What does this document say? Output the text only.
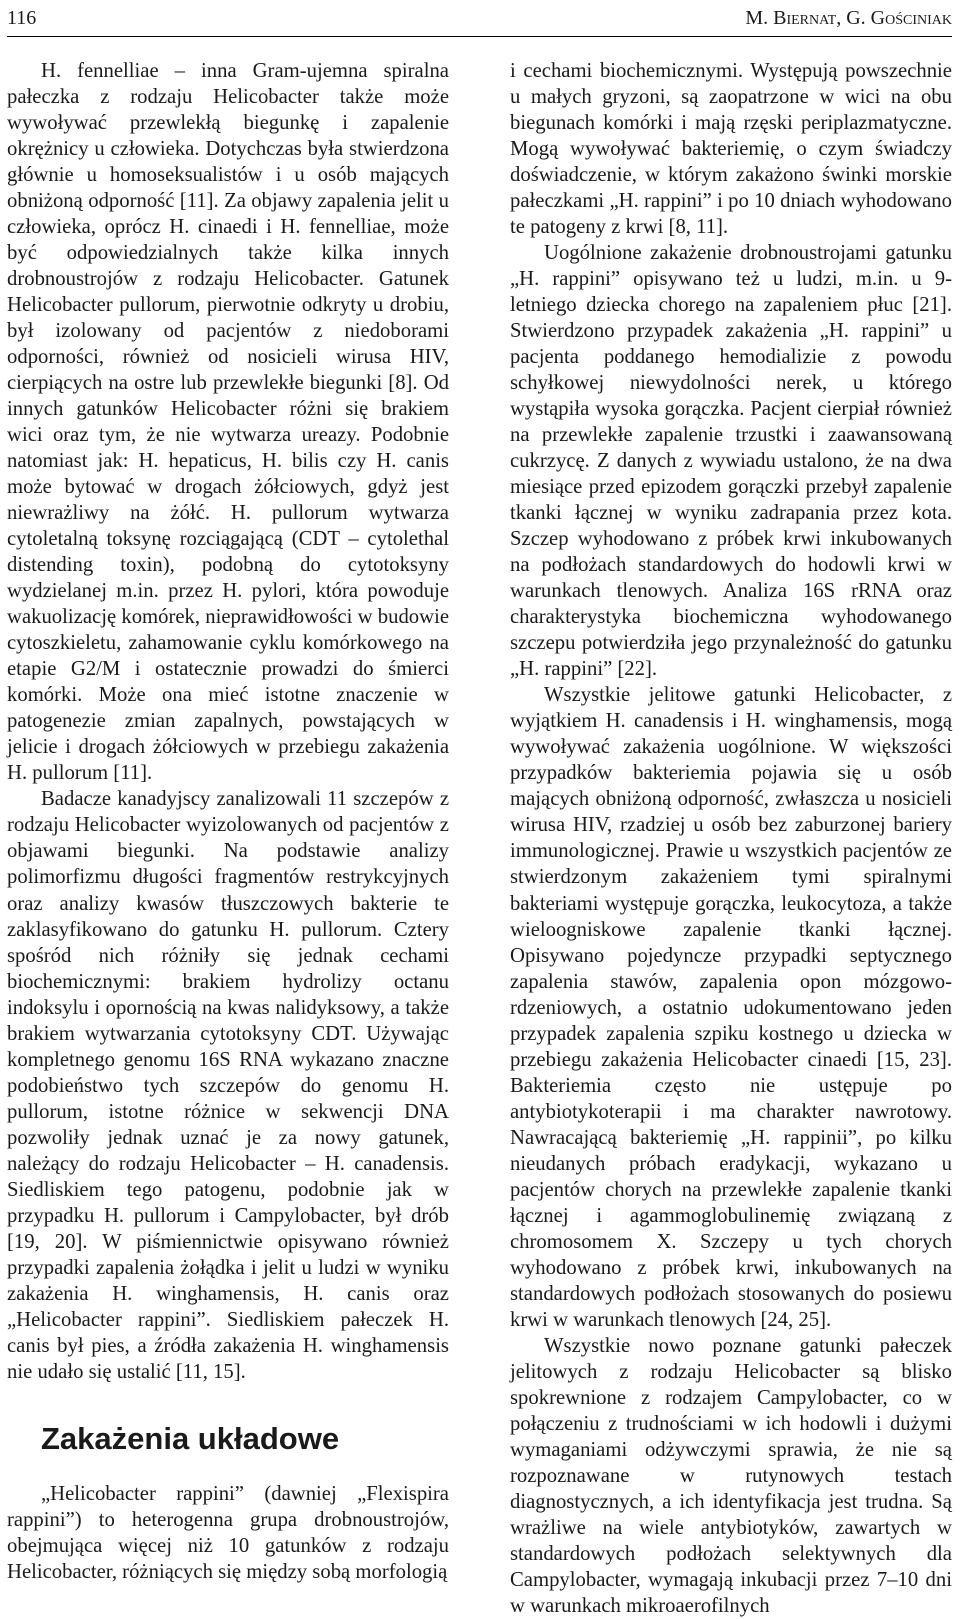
116	M. Biernat, G. Gościniak

H. fennelliae – inna Gram-ujemna spiralna pałeczka z rodzaju Helicobacter także może wywoływać przewlekłą biegunkę i zapalenie okrężnicy u człowieka. Dotychczas była stwierdzona głównie u homoseksualistów i u osób mających obniżoną odporność [11]. Za objawy zapalenia jelit u człowieka, oprócz H. cinaedi i H. fennelliae, może być odpowiedzialnych także kilka innych drobnoustrojów z rodzaju Helicobacter. Gatunek Helicobacter pullorum, pierwotnie odkryty u drobiu, był izolowany od pacjentów z niedoborami odporności, również od nosicieli wirusa HIV, cierpiących na ostre lub przewlekłe biegunki [8]. Od innych gatunków Helicobacter różni się brakiem wici oraz tym, że nie wytwarza ureazy. Podobnie natomiast jak: H. hepaticus, H. bilis czy H. canis może bytować w drogach żółciowych, gdyż jest niewrażliwy na żółć. H. pullorum wytwarza cytoletalną toksynę rozciągającą (CDT – cytolethal distending toxin), podobną do cytotoksyny wydzielanej m.in. przez H. pylori, która powoduje wakuolizację komórek, nieprawidłowości w budowie cytoszkieletu, zahamowanie cyklu komórkowego na etapie G2/M i ostatecznie prowadzi do śmierci komórki. Może ona mieć istotne znaczenie w patogenezie zmian zapalnych, powstających w jelicie i drogach żółciowych w przebiegu zakażenia H. pullorum [11].

Badacze kanadyjscy zanalizowali 11 szczepów z rodzaju Helicobacter wyizolowanych od pacjentów z objawami biegunki. Na podstawie analizy polimorfizmu długości fragmentów restrykcyjnych oraz analizy kwasów tłuszczowych bakterie te zaklasyfikowano do gatunku H. pullorum. Cztery spośród nich różniły się jednak cechami biochemicznymi: brakiem hydrolizy octanu indoksylu i opornością na kwas nalidyksowy, a także brakiem wytwarzania cytotoksyny CDT. Używając kompletnego genomu 16S RNA wykazano znaczne podobieństwo tych szczepów do genomu H. pullorum, istotne różnice w sekwencji DNA pozwoliły jednak uznać je za nowy gatunek, należący do rodzaju Helicobacter – H. canadensis. Siedliskiem tego patogenu, podobnie jak w przypadku H. pullorum i Campylobacter, był drób [19, 20]. W piśmiennictwie opisywano również przypadki zapalenia żołądka i jelit u ludzi w wyniku zakażenia H. winghamensis, H. canis oraz „Helicobacter rappini”. Siedliskiem pałeczek H. canis był pies, a źródła zakażenia H. winghamensis nie udało się ustalić [11, 15].

Zakażenia układowe

„Helicobacter rappini” (dawniej „Flexispira rappini”) to heterogenna grupa drobnoustrojów, obejmująca więcej niż 10 gatunków z rodzaju Helicobacter, różniących się między sobą morfologią

i cechami biochemicznymi. Występują powszechnie u małych gryzoni, są zaopatrzone w wici na obu biegunach komórki i mają rzęski periplazmatyczne. Mogą wywoływać bakteriemię, o czym świadczy doświadczenie, w którym zakażono świnki morskie pałeczkami „H. rappini” i po 10 dniach wyhodowano te patogeny z krwi [8, 11].

Uogólnione zakażenie drobnoustrojami gatunku „H. rappini” opisywano też u ludzi, m.in. u 9-letniego dziecka chorego na zapaleniem płuc [21]. Stwierdzono przypadek zakażenia „H. rappini” u pacjenta poddanego hemodializie z powodu schyłkowej niewydolności nerek, u którego wystąpiła wysoka gorączka. Pacjent cierpiał również na przewlekłe zapalenie trzustki i zaawansowaną cukrzycę. Z danych z wywiadu ustalono, że na dwa miesiące przed epizodem gorączki przebył zapalenie tkanki łącznej w wyniku zadrapania przez kota. Szczep wyhodowano z próbek krwi inkubowanych na podłożach standardowych do hodowli krwi w warunkach tlenowych. Analiza 16S rRNA oraz charakterystyka biochemiczna wyhodowanego szczepu potwierdziła jego przynależność do gatunku „H. rappini” [22].

Wszystkie jelitowe gatunki Helicobacter, z wyjątkiem H. canadensis i H. winghamensis, mogą wywoływać zakażenia uogólnione. W większości przypadków bakteriemia pojawia się u osób mających obniżoną odporność, zwłaszcza u nosicieli wirusa HIV, rzadziej u osób bez zaburzonej bariery immunologicznej. Prawie u wszystkich pacjentów ze stwierdzonym zakażeniem tymi spiralnymi bakteriami występuje gorączka, leukocytoza, a także wieloogniskowe zapalenie tkanki łącznej. Opisywano pojedyncze przypadki septycznego zapalenia stawów, zapalenia opon mózgowo-rdzeniowych, a ostatnio udokumentowano jeden przypadek zapalenia szpiku kostnego u dziecka w przebiegu zakażenia Helicobacter cinaedi [15, 23]. Bakteriemia często nie ustępuje po antybiotykoterapii i ma charakter nawrotowy. Nawracającą bakteriemię „H. rappinii”, po kilku nieudanych próbach eradykacji, wykazano u pacjentów chorych na przewlekłe zapalenie tkanki łącznej i agammoglobulinemię związaną z chromosomem X. Szczepy u tych chorych wyhodowano z próbek krwi, inkubowanych na standardowych podłożach stosowanych do posiewu krwi w warunkach tlenowych [24, 25].

Wszystkie nowo poznane gatunki pałeczek jelitowych z rodzaju Helicobacter są blisko spokrewnione z rodzajem Campylobacter, co w połączeniu z trudnościami w ich hodowli i dużymi wymaganiami odżywczymi sprawia, że nie są rozpoznawane w rutynowych testach diagnostycznych, a ich identyfikacja jest trudna. Są wrażliwe na wiele antybiotyków, zawartych w standardowych podłożach selektywnych dla Campylobacter, wymagają inkubacji przez 7–10 dni w warunkach mikroaerofilnych
